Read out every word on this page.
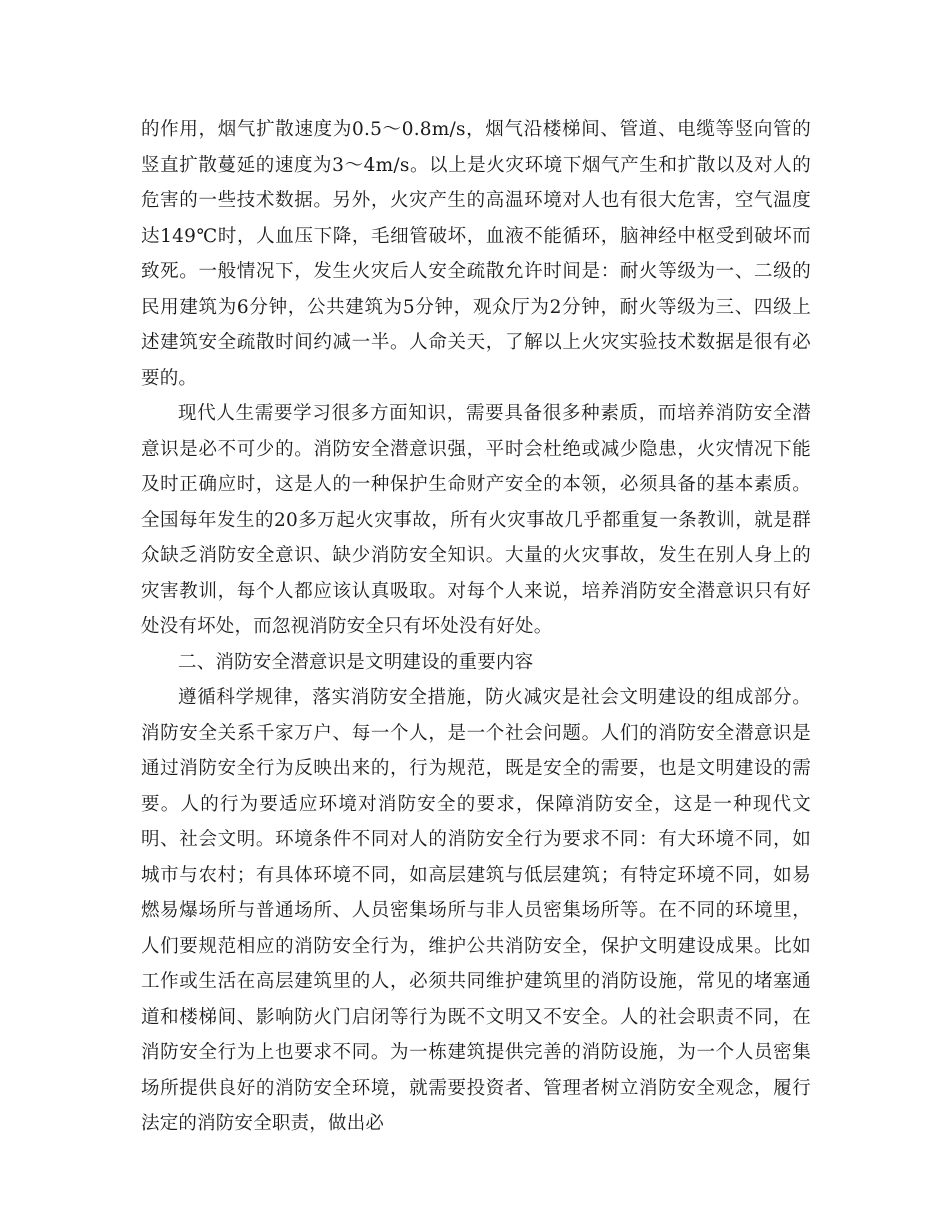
的作用，烟气扩散速度为0.5～0.8m/s，烟气沿楼梯间、管道、电缆等竖向管的竖直扩散蔓延的速度为3～4m/s。以上是火灾环境下烟气产生和扩散以及对人的危害的一些技术数据。另外，火灾产生的高温环境对人也有很大危害，空气温度达149℃时，人血压下降，毛细管破坏，血液不能循环，脑神经中枢受到破坏而致死。一般情况下，发生火灾后人安全疏散允许时间是：耐火等级为一、二级的民用建筑为6分钟，公共建筑为5分钟，观众厅为2分钟，耐火等级为三、四级上述建筑安全疏散时间约减一半。人命关天，了解以上火灾实验技术数据是很有必要的。

现代人生需要学习很多方面知识，需要具备很多种素质，而培养消防安全潜意识是必不可少的。消防安全潜意识强，平时会杜绝或减少隐患，火灾情况下能及时正确应时，这是人的一种保护生命财产安全的本领，必须具备的基本素质。全国每年发生的20多万起火灾事故，所有火灾事故几乎都重复一条教训，就是群众缺乏消防安全意识、缺少消防安全知识。大量的火灾事故，发生在别人身上的灾害教训，每个人都应该认真吸取。对每个人来说，培养消防安全潜意识只有好处没有坏处，而忽视消防安全只有坏处没有好处。

二、消防安全潜意识是文明建设的重要内容

遵循科学规律，落实消防安全措施，防火减灾是社会文明建设的组成部分。消防安全关系千家万户、每一个人，是一个社会问题。人们的消防安全潜意识是通过消防安全行为反映出来的，行为规范，既是安全的需要，也是文明建设的需要。人的行为要适应环境对消防安全的要求，保障消防安全，这是一种现代文明、社会文明。环境条件不同对人的消防安全行为要求不同：有大环境不同，如城市与农村；有具体环境不同，如高层建筑与低层建筑；有特定环境不同，如易燃易爆场所与普通场所、人员密集场所与非人员密集场所等。在不同的环境里，人们要规范相应的消防安全行为，维护公共消防安全，保护文明建设成果。比如工作或生活在高层建筑里的人，必须共同维护建筑里的消防设施，常见的堵塞通道和楼梯间、影响防火门启闭等行为既不文明又不安全。人的社会职责不同，在消防安全行为上也要求不同。为一栋建筑提供完善的消防设施，为一个人员密集场所提供良好的消防安全环境，就需要投资者、管理者树立消防安全观念，履行法定的消防安全职责，做出必
